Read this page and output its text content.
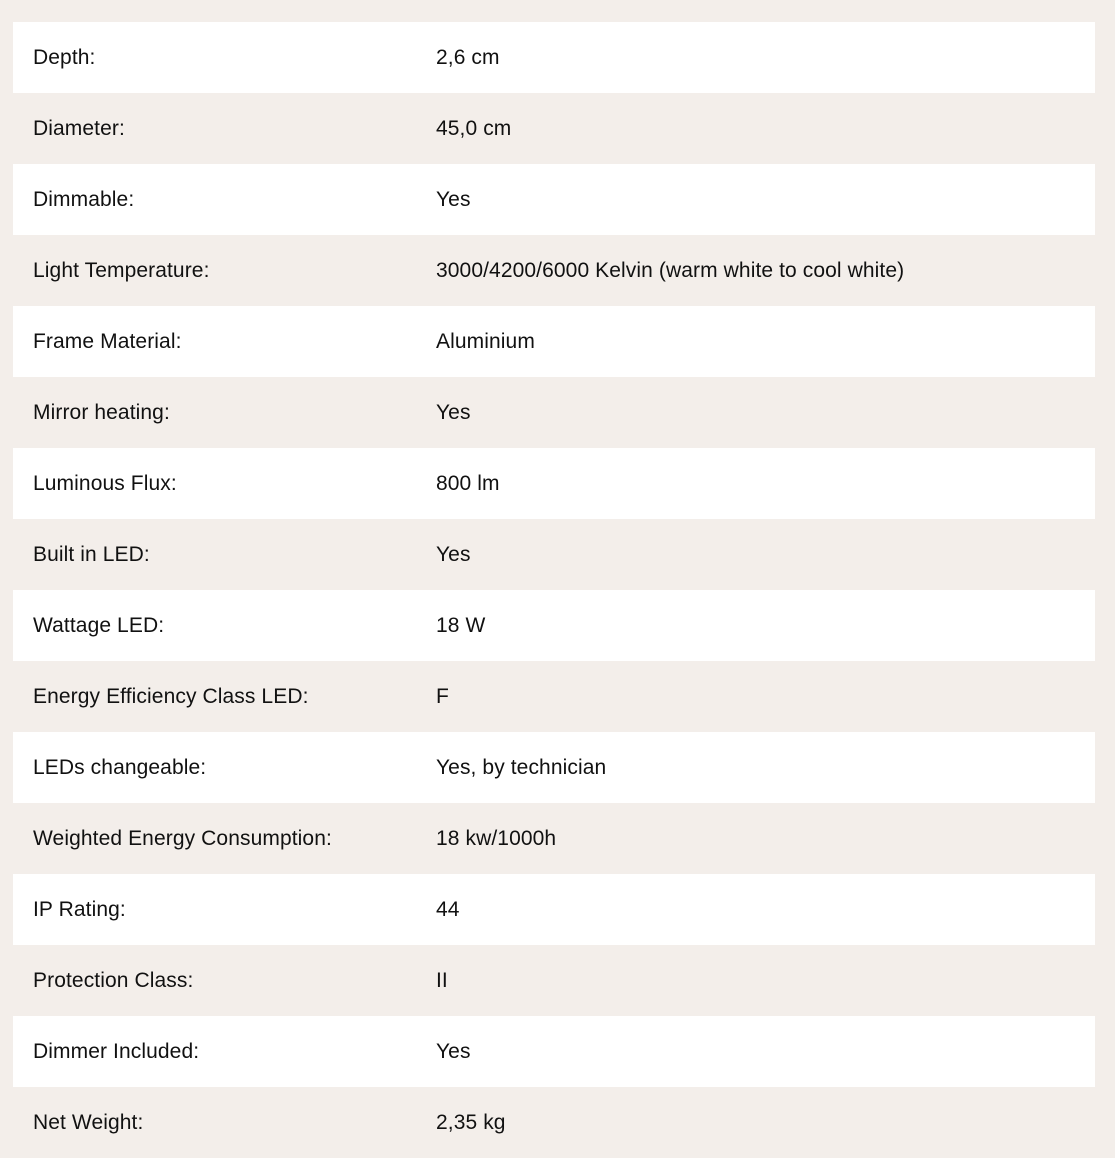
Depth:	2,6 cm
Diameter:	45,0 cm
Dimmable:	Yes
Light Temperature:	3000/4200/6000 Kelvin (warm white to cool white)
Frame Material:	Aluminium
Mirror heating:	Yes
Luminous Flux:	800 lm
Built in LED:	Yes
Wattage LED:	18 W
Energy Efficiency Class LED:	F
LEDs changeable:	Yes, by technician
Weighted Energy Consumption:	18 kw/1000h
IP Rating:	44
Protection Class:	II
Dimmer Included:	Yes
Net Weight:	2,35 kg
